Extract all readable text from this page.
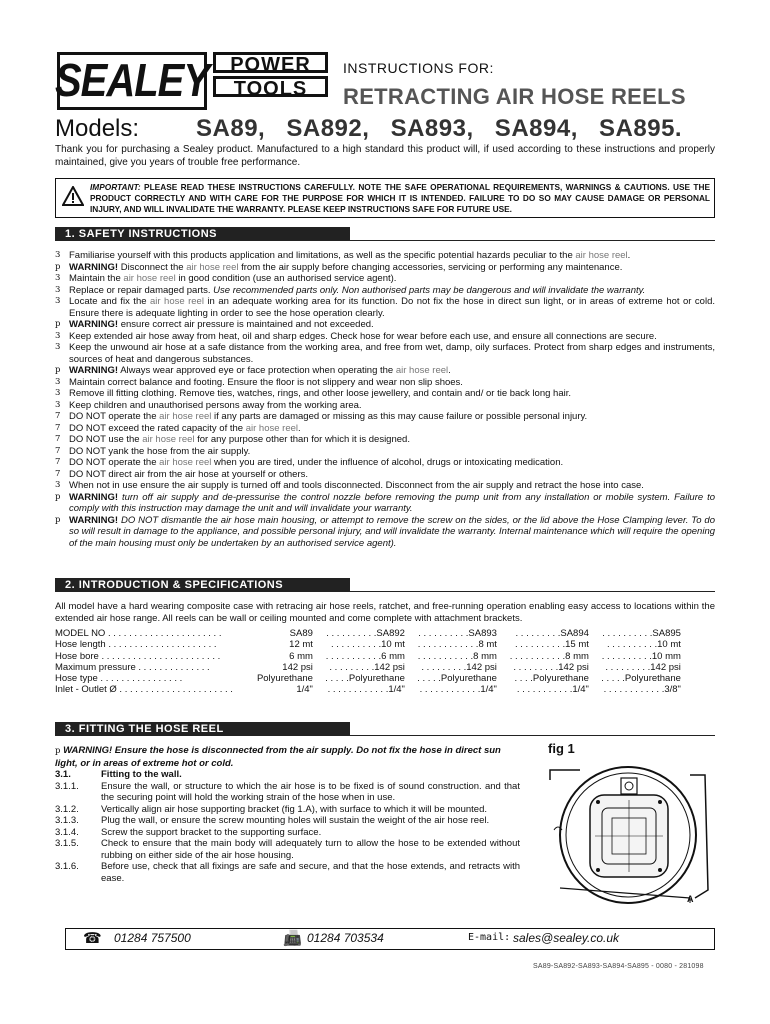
SEALEY	POWER
TOOLS
INSTRUCTIONS FOR:
RETRACTING AIR HOSE REELS
Models: SA89, SA892, SA893, SA894, SA895.
Thank you for purchasing a Sealey product. Manufactured to a high standard this product will, if used according to these instructions and properly maintained, give you years of trouble free performance.
IMPORTANT: PLEASE READ THESE INSTRUCTIONS CAREFULLY. NOTE THE SAFE OPERATIONAL REQUIREMENTS, WARNINGS & CAUTIONS. USE THE PRODUCT CORRECTLY AND WITH CARE FOR THE PURPOSE FOR WHICH IT IS INTENDED. FAILURE TO DO SO MAY CAUSE DAMAGE OR PERSONAL INJURY, AND WILL INVALIDATE THE WARRANTY. PLEASE KEEP INSTRUCTIONS SAFE FOR FUTURE USE.
1. SAFETY INSTRUCTIONS
3 Familiarise yourself with this products application and limitations, as well as the specific potential hazards peculiar to the air hose reel.
p WARNING! Disconnect the air hose reel from the air supply before changing accessories, servicing or performing any maintenance.
3 Maintain the air hose reel in good condition (use an authorised service agent).
3 Replace or repair damaged parts. Use recommended parts only. Non authorised parts may be dangerous and will invalidate the warranty.
3 Locate and fix the air hose reel in an adequate working area for its function. Do not fix the hose in direct sun light, or in areas of extreme hot or cold. Ensure there is adequate lighting in order to see the hose operation clearly.
p WARNING! ensure correct air pressure is maintained and not exceeded.
3 Keep extended air hose away from heat, oil and sharp edges. Check hose for wear before each use, and ensure all connections are secure.
3 Keep the unwound air hose at a safe distance from the working area, and free from wet, damp, oily surfaces. Protect from sharp edges and instruments, sources of heat and dangerous substances.
p WARNING! Always wear approved eye or face protection when operating the air hose reel.
3 Maintain correct balance and footing. Ensure the floor is not slippery and wear non slip shoes.
3 Remove ill fitting clothing. Remove ties, watches, rings, and other loose jewellery, and contain and/ or tie back long hair.
3 Keep children and unauthorised persons away from the working area.
7 DO NOT operate the air hose reel if any parts are damaged or missing as this may cause failure or possible personal injury.
7 DO NOT exceed the rated capacity of the air hose reel.
7 DO NOT use the air hose reel for any purpose other than for which it is designed.
7 DO NOT yank the hose from the air supply.
7 DO NOT operate the air hose reel when you are tired, under the influence of alcohol, drugs or intoxicating medication.
7 DO NOT direct air from the air hose at yourself or others.
3 When not in use ensure the air supply is turned off and tools disconnected. Disconnect from the air supply and retract the hose into case.
p WARNING! turn off air supply and de-pressurise the control nozzle before removing the pump unit from any installation or mobile system. Failure to comply with this instruction may damage the unit and will invalidate your warranty.
p WARNING! DO NOT dismantle the air hose main housing, or attempt to remove the screw on the sides, or the lid above the Hose Clamping lever. To do so will result in damage to the appliance, and possible personal injury, and will invalidate the warranty. Internal maintenance which will require the opening of the main housing must only be undertaken by an authorised service agent).
2. INTRODUCTION & SPECIFICATIONS
All model have a hard wearing composite case with retracing air hose reels, ratchet, and free-running operation enabling easy access to locations within the extended air hose range. All reels can be wall or ceiling mounted and come complete with attachment brackets.
MODEL NO . . . . . . . . . . . . . . . . . . . . . .	SA89	. . . . . . . . . .SA892	. . . . . . . . . .SA893	. . . . . . . . .SA894	. . . . . . . . . .SA895
Hose length . . . . . . . . . . . . . . . . . . . . .	12 mt	. . . . . . . . . .10 mt	. . . . . . . . . . . .8 mt	. . . . . . . . . .15 mt	. . . . . . . . . .10 mt
Hose bore . . . . . . . . . . . . . . . . . . . . . . .	6 mm	. . . . . . . . . . .6 mm	. . . . . . . . . . .8 mm	. . . . . . . . . . .8 mm	. . . . . . . . . .10 mm
Maximum pressure . . . . . . . . . . . . . .	142 psi	. . . . . . . . .142 psi	. . . . . . . . .142 psi	. . . . . . . . .142 psi	. . . . . . . . .142 psi
Hose type . . . . . . . . . . . . . . . .	Polyurethane	. . . . .Polyurethane	. . . . .Polyurethane	. . . .Polyurethane	. . . . .Polyurethane
Inlet - Outlet Ø . . . . . . . . . . . . . . . . . . . . . .	1/4"	. . . . . . . . . . . .1/4"	. . . . . . . . . . . .1/4"	. . . . . . . . . . .1/4"	. . . . . . . . . . . .3/8"
3. FITTING THE HOSE REEL
p WARNING! Ensure the hose is disconnected from the air supply. Do not fix the hose in direct sun light, or in areas of extreme hot or cold.
3.1.	Fitting to the wall.
3.1.1.	Ensure the wall, or structure to which the air hose is to be fixed is of sound construction. and that the securing point will hold the working strain of the hose when in use.
3.1.2.	Vertically align air hose supporting bracket (fig 1.A), with surface to which it will be mounted.
3.1.3.	Plug the wall, or ensure the screw mounting holes will sustain the weight of the air hose reel.
3.1.4.	Screw the support bracket to the supporting surface.
3.1.5.	Check to ensure that the main body will adequately turn to allow the hose to be extended without rubbing on either side of the air hose housing.
3.1.6.	Before use, check that all fixings are safe and secure, and that the hose extends, and retracts with ease.
fig 1
A
☎ 01284 757500	📠 01284 703534	E-mail: sales@sealey.co.uk
SA89-SA892-SA893-SA894-SA895 - 0080 - 281098
